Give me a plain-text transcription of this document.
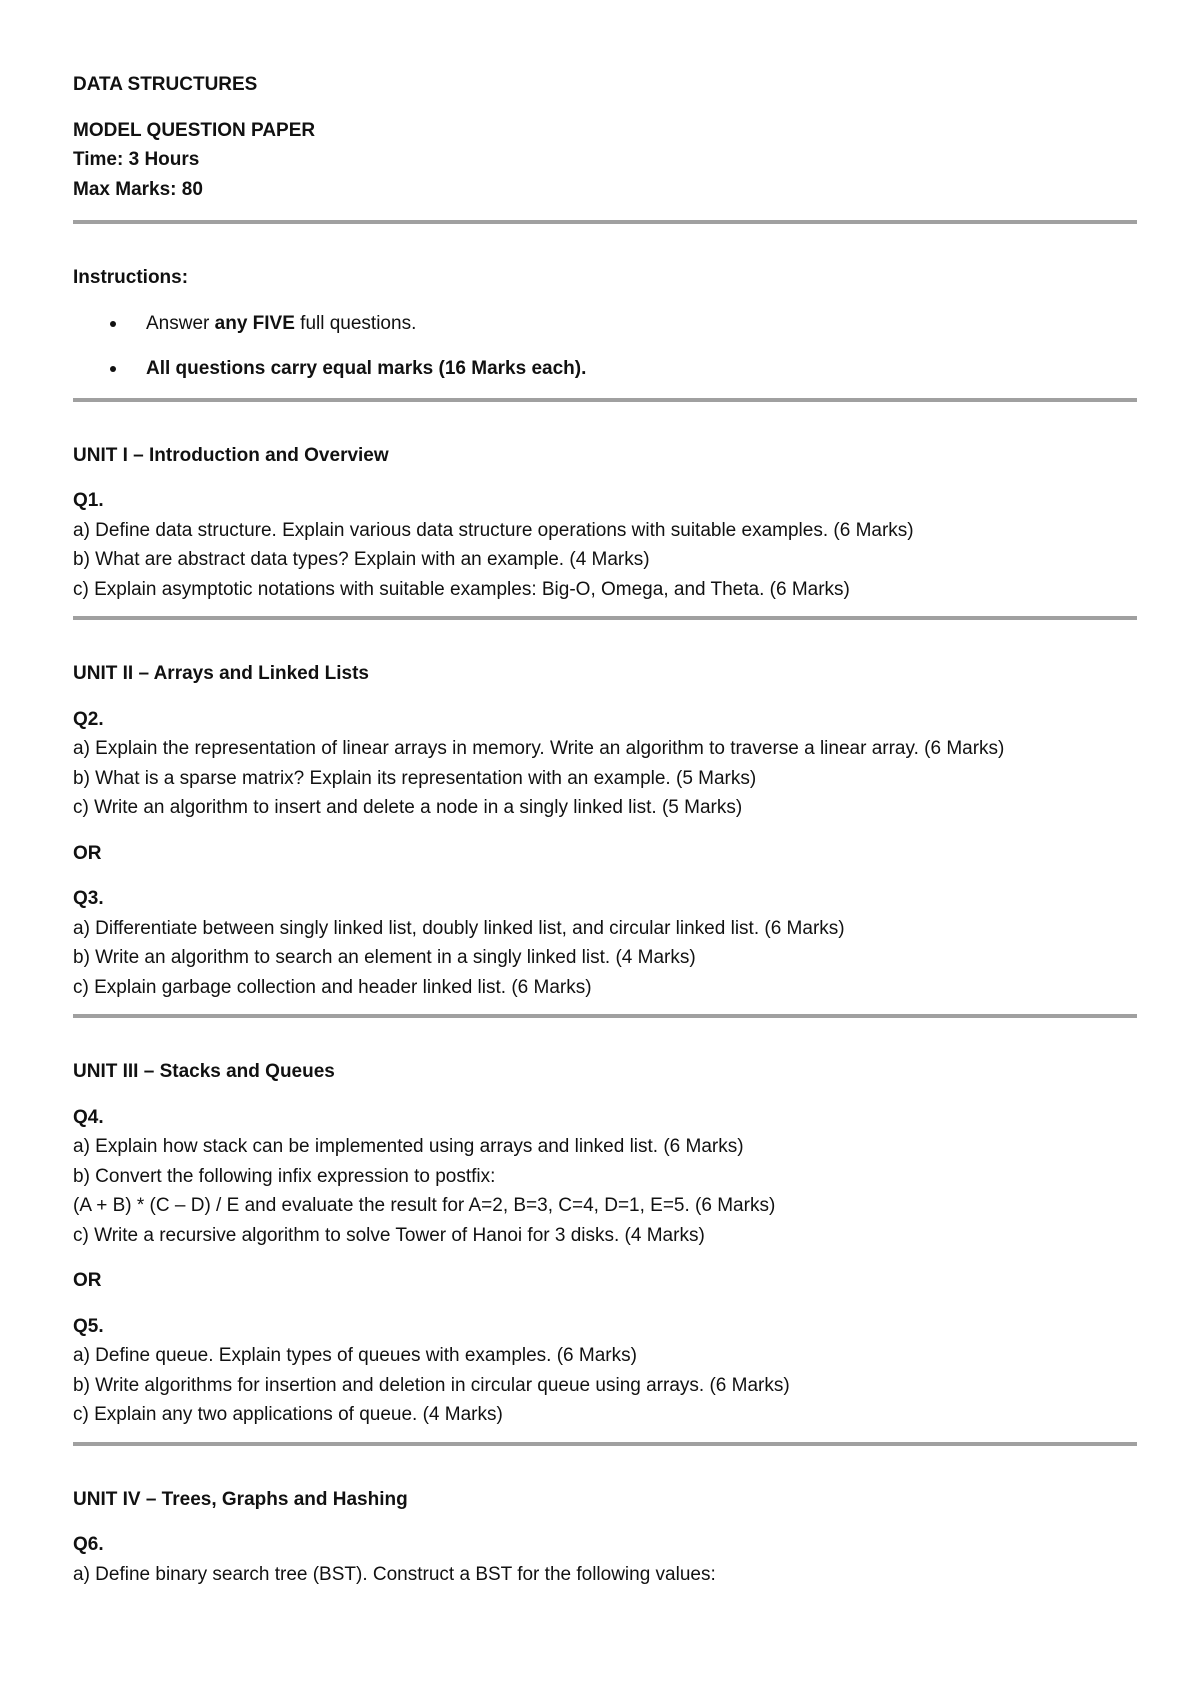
DATA STRUCTURES
MODEL QUESTION PAPER
Time: 3 Hours
Max Marks: 80
Instructions:
Answer any FIVE full questions.
All questions carry equal marks (16 Marks each).
UNIT I – Introduction and Overview
Q1.
a) Define data structure. Explain various data structure operations with suitable examples. (6 Marks)
b) What are abstract data types? Explain with an example. (4 Marks)
c) Explain asymptotic notations with suitable examples: Big-O, Omega, and Theta. (6 Marks)
UNIT II – Arrays and Linked Lists
Q2.
a) Explain the representation of linear arrays in memory. Write an algorithm to traverse a linear array. (6 Marks)
b) What is a sparse matrix? Explain its representation with an example. (5 Marks)
c) Write an algorithm to insert and delete a node in a singly linked list. (5 Marks)
OR
Q3.
a) Differentiate between singly linked list, doubly linked list, and circular linked list. (6 Marks)
b) Write an algorithm to search an element in a singly linked list. (4 Marks)
c) Explain garbage collection and header linked list. (6 Marks)
UNIT III – Stacks and Queues
Q4.
a) Explain how stack can be implemented using arrays and linked list. (6 Marks)
b) Convert the following infix expression to postfix:
(A + B) * (C – D) / E and evaluate the result for A=2, B=3, C=4, D=1, E=5. (6 Marks)
c) Write a recursive algorithm to solve Tower of Hanoi for 3 disks. (4 Marks)
OR
Q5.
a) Define queue. Explain types of queues with examples. (6 Marks)
b) Write algorithms for insertion and deletion in circular queue using arrays. (6 Marks)
c) Explain any two applications of queue. (4 Marks)
UNIT IV – Trees, Graphs and Hashing
Q6.
a) Define binary search tree (BST). Construct a BST for the following values:
